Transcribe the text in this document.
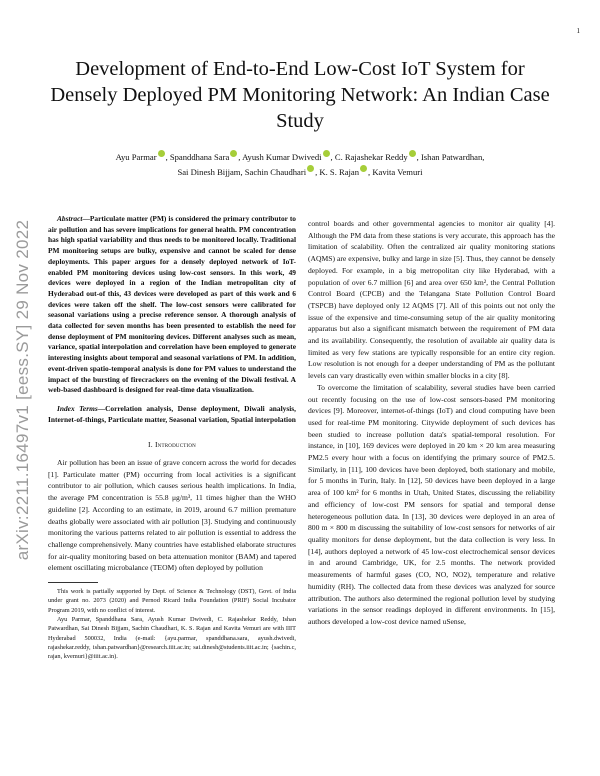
1
arXiv:2211.16497v1 [eess.SY] 29 Nov 2022
Development of End-to-End Low-Cost IoT System for Densely Deployed PM Monitoring Network: An Indian Case Study
Ayu Parmar , Spanddhana Sara , Ayush Kumar Dwivedi , C. Rajashekar Reddy , Ishan Patwardhan,
Sai Dinesh Bijjam, Sachin Chaudhari , K. S. Rajan , Kavita Vemuri

Abstract—Particulate matter (PM) is considered the primary contributor to air pollution and has severe implications for general health. PM concentration has high spatial variability and thus needs to be monitored locally. Traditional PM monitoring setups are bulky, expensive and cannot be scaled for dense deployments. This paper argues for a densely deployed network of IoT-enabled PM monitoring devices using low-cost sensors. In this work, 49 devices were deployed in a region of the Indian metropolitan city of Hyderabad out-of this, 43 devices were developed as part of this work and 6 devices were taken off the shelf. The low-cost sensors were calibrated for seasonal variations using a precise reference sensor. A thorough analysis of data collected for seven months has been presented to establish the need for dense deployment of PM monitoring devices. Different analyses such as mean, variance, spatial interpolation and correlation have been employed to generate interesting insights about temporal and seasonal variations of PM. In addition, event-driven spatio-temporal analysis is done for PM values to understand the impact of the bursting of firecrackers on the evening of the Diwali festival. A web-based dashboard is designed for real-time data visualization.

Index Terms—Correlation analysis, Dense deployment, Diwali analysis, Internet-of-things, Particulate matter, Seasonal variation, Spatial interpolation

I. Introduction

Air pollution has been an issue of grave concern across the world for decades [1]. Particulate matter (PM) occurring from local activities is a significant contributor to air pollution, which causes serious health implications. In India, the average PM concentration is 55.8 μg/m³, 11 times higher than the WHO guideline [2]. According to an estimate, in 2019, around 6.7 million premature deaths globally were associated with air pollution [3]. Studying and continuously monitoring the various patterns related to air pollution is essential to address the challenge comprehensively. Many countries have established elaborate structures for air-quality monitoring based on beta attenuation monitor (BAM) and tapered element oscillating microbalance (TEOM) often deployed by pollution

This work is partially supported by Dept. of Science & Technology (DST), Govt. of India under grant no. 2073 (2020) and Pernod Ricard India Foundation (PRIF) Social Incubator Program 2019, with no conflict of interest.

Ayu Parmar, Spanddhana Sara, Ayush Kumar Dwivedi, C. Rajashekar Reddy, Ishan Patwardhan, Sai Dinesh Bijjam, Sachin Chaudhari, K. S. Rajan and Kavita Vemuri are with IIIT Hyderabad 500032, India (e-mail: {ayu.parmar, spanddhana.sara, ayush.dwivedi, rajashekar.reddy, ishan.patwardhan}@research.iiit.ac.in; sai.dinesh@students.iiit.ac.in; {sachin.c, rajan, kvemuri}@iiit.ac.in).

control boards and other governmental agencies to monitor air quality [4]. Although the PM data from these stations is very accurate, this approach has the limitation of scalability. Often the centralized air quality monitoring stations (AQMS) are expensive, bulky and large in size [5]. Thus, they cannot be densely deployed. For example, in a big metropolitan city like Hyderabad, with a population of over 6.7 million [6] and area over 650 km², the Central Pollution Control Board (CPCB) and the Telangana State Pollution Control Board (TSPCB) have deployed only 12 AQMS [7]. All of this points out not only the issue of the expensive and time-consuming setup of the air quality monitoring apparatus but also a significant mismatch between the requirement of PM data and its availability. Consequently, the resolution of available air quality data is limited as very few stations are typically responsible for an entire city region. Low resolution is not enough for a deeper understanding of PM as the pollutant levels can vary drastically even within smaller blocks in a city [8].

To overcome the limitation of scalability, several studies have been carried out recently focusing on the use of low-cost sensors-based PM monitoring devices [9]. Moreover, internet-of-things (IoT) and cloud computing have been used for real-time PM monitoring. Citywide deployment of such devices has been studied to increase pollution data's spatial-temporal resolution. For instance, in [10], 169 devices were deployed in 20 km × 20 km area measuring PM2.5 every hour with a focus on identifying the primary source of PM2.5. Similarly, in [11], 100 devices have been deployed, both stationary and mobile, for 5 months in Turin, Italy. In [12], 50 devices have been deployed in a large area of 100 km² for 6 months in Utah, United States, discussing the reliability and efficiency of low-cost PM sensors for spatial and temporal dense heterogeneous pollution data. In [13], 30 devices were deployed in an area of 800 m × 800 m discussing the suitability of low-cost sensors for networks of air quality monitors for dense deployment, but the data collection is very less. In [14], authors deployed a network of 45 low-cost electrochemical sensor devices in and around Cambridge, UK, for 2.5 months. The network provided measurements of harmful gases (CO, NO, NO2), temperature and relative humidity (RH). The collected data from these devices was analyzed for source attribution. The authors also determined the regional pollution level by studying variations in the sensor readings deployed in different environments. In [15], authors developed a low-cost device named uSense,
